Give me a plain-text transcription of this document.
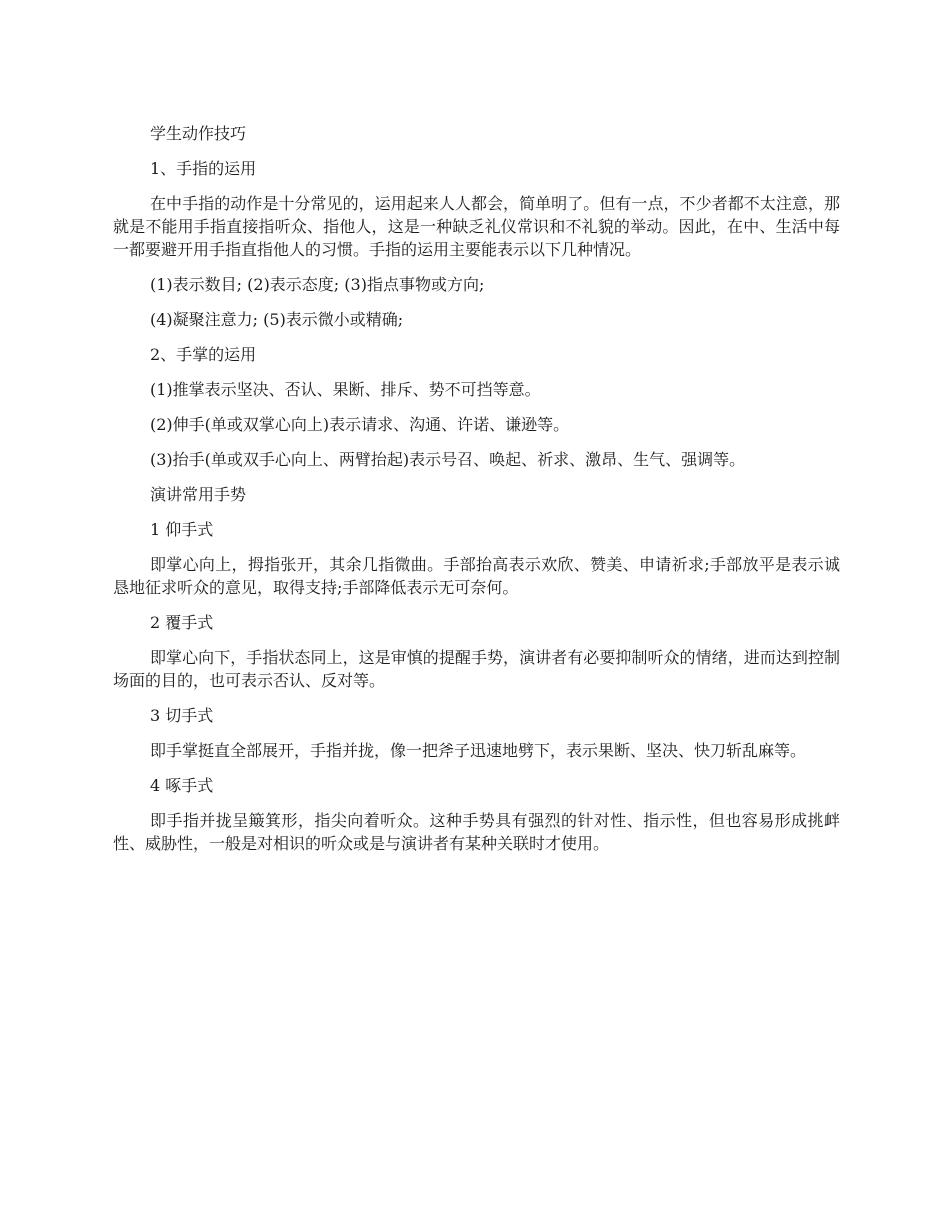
学生动作技巧

1、手指的运用

在中手指的动作是十分常见的，运用起来人人都会，简单明了。但有一点，不少者都不太注意，那就是不能用手指直接指听众、指他人，这是一种缺乏礼仪常识和不礼貌的举动。因此，在中、生活中每一都要避开用手指直指他人的习惯。手指的运用主要能表示以下几种情况。

(1)表示数目; (2)表示态度; (3)指点事物或方向;

(4)凝聚注意力; (5)表示微小或精确;

2、手掌的运用

(1)推掌表示坚决、否认、果断、排斥、势不可挡等意。

(2)伸手(单或双掌心向上)表示请求、沟通、许诺、谦逊等。

(3)抬手(单或双手心向上、两臂抬起)表示号召、唤起、祈求、激昂、生气、强调等。

演讲常用手势

1 仰手式

即掌心向上，拇指张开，其余几指微曲。手部抬高表示欢欣、赞美、申请祈求;手部放平是表示诚恳地征求听众的意见，取得支持;手部降低表示无可奈何。

2 覆手式

即掌心向下，手指状态同上，这是审慎的提醒手势，演讲者有必要抑制听众的情绪，进而达到控制场面的目的，也可表示否认、反对等。

3 切手式

即手掌挺直全部展开，手指并拢，像一把斧子迅速地劈下，表示果断、坚决、快刀斩乱麻等。

4 啄手式

即手指并拢呈簸箕形，指尖向着听众。这种手势具有强烈的针对性、指示性，但也容易形成挑衅性、威胁性，一般是对相识的听众或是与演讲者有某种关联时才使用。
